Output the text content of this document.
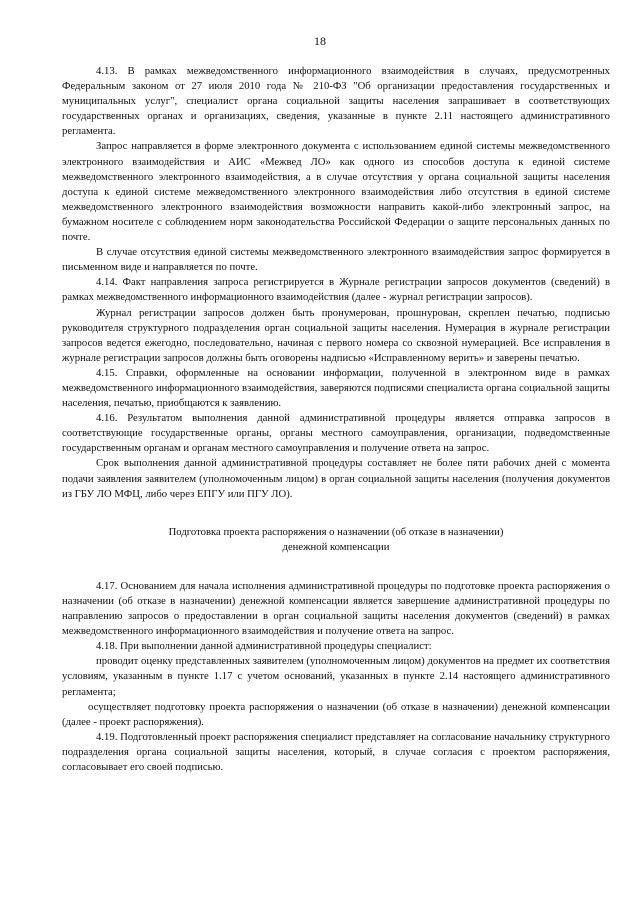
18

4.13. В рамках межведомственного информационного взаимодействия в случаях, предусмотренных Федеральным законом от 27 июля 2010 года № 210-ФЗ "Об организации предоставления государственных и муниципальных услуг", специалист органа социальной защиты населения запрашивает в соответствующих государственных органах и организациях, сведения, указанные в пункте 2.11 настоящего административного регламента.

Запрос направляется в форме электронного документа с использованием единой системы межведомственного электронного взаимодействия и АИС «Межвед ЛО» как одного из способов доступа к единой системе межведомственного электронного взаимодействия, а в случае отсутствия у органа социальной защиты населения доступа к единой системе межведомственного электронного взаимодействия либо отсутствия в единой системе межведомственного электронного взаимодействия возможности направить какой-либо электронный запрос, на бумажном носителе с соблюдением норм законодательства Российской Федерации о защите персональных данных по почте.

В случае отсутствия единой системы межведомственного электронного взаимодействия запрос формируется в письменном виде и направляется по почте.

4.14. Факт направления запроса регистрируется в Журнале регистрации запросов документов (сведений) в рамках межведомственного информационного взаимодействия (далее - журнал регистрации запросов).

Журнал регистрации запросов должен быть пронумерован, прошнурован, скреплен печатью, подписью руководителя структурного подразделения орган социальной защиты населения. Нумерация в журнале регистрации запросов ведется ежегодно, последовательно, начиная с первого номера со сквозной нумерацией. Все исправления в журнале регистрации запросов должны быть оговорены надписью «Исправленному верить» и заверены печатью.

4.15. Справки, оформленные на основании информации, полученной в электронном виде в рамках межведомственного информационного взаимодействия, заверяются подписями специалиста органа социальной защиты населения, печатью, приобщаются к заявлению.

4.16. Результатом выполнения данной административной процедуры является отправка запросов в соответствующие государственные органы, органы местного самоуправления, организации, подведомственные государственным органам и органам местного самоуправления и получение ответа на запрос.

Срок выполнения данной административной процедуры составляет не более пяти рабочих дней с момента подачи заявления заявителем (уполномоченным лицом) в орган социальной защиты населения (получения документов из ГБУ ЛО МФЦ, либо через ЕПГУ или ПГУ ЛО).

Подготовка проекта распоряжения о назначении (об отказе в назначении)
денежной компенсации

4.17. Основанием для начала исполнения административной процедуры по подготовке проекта распоряжения о назначении (об отказе в назначении) денежной компенсации является завершение административной процедуры по направлению запросов о предоставлении в орган социальной защиты населения документов (сведений) в рамках межведомственного информационного взаимодействия и получение ответа на запрос.

4.18. При выполнении данной административной процедуры специалист:

проводит оценку представленных заявителем (уполномоченным лицом) документов на предмет их соответствия условиям, указанным в пункте 1.17 с учетом оснований, указанных в пункте 2.14 настоящего административного регламента;

осуществляет подготовку проекта распоряжения о назначении (об отказе в назначении) денежной компенсации (далее - проект распоряжения).

4.19. Подготовленный проект распоряжения специалист представляет на согласование начальнику структурного подразделения органа социальной защиты населения, который, в случае согласия с проектом распоряжения, согласовывает его своей подписью.
